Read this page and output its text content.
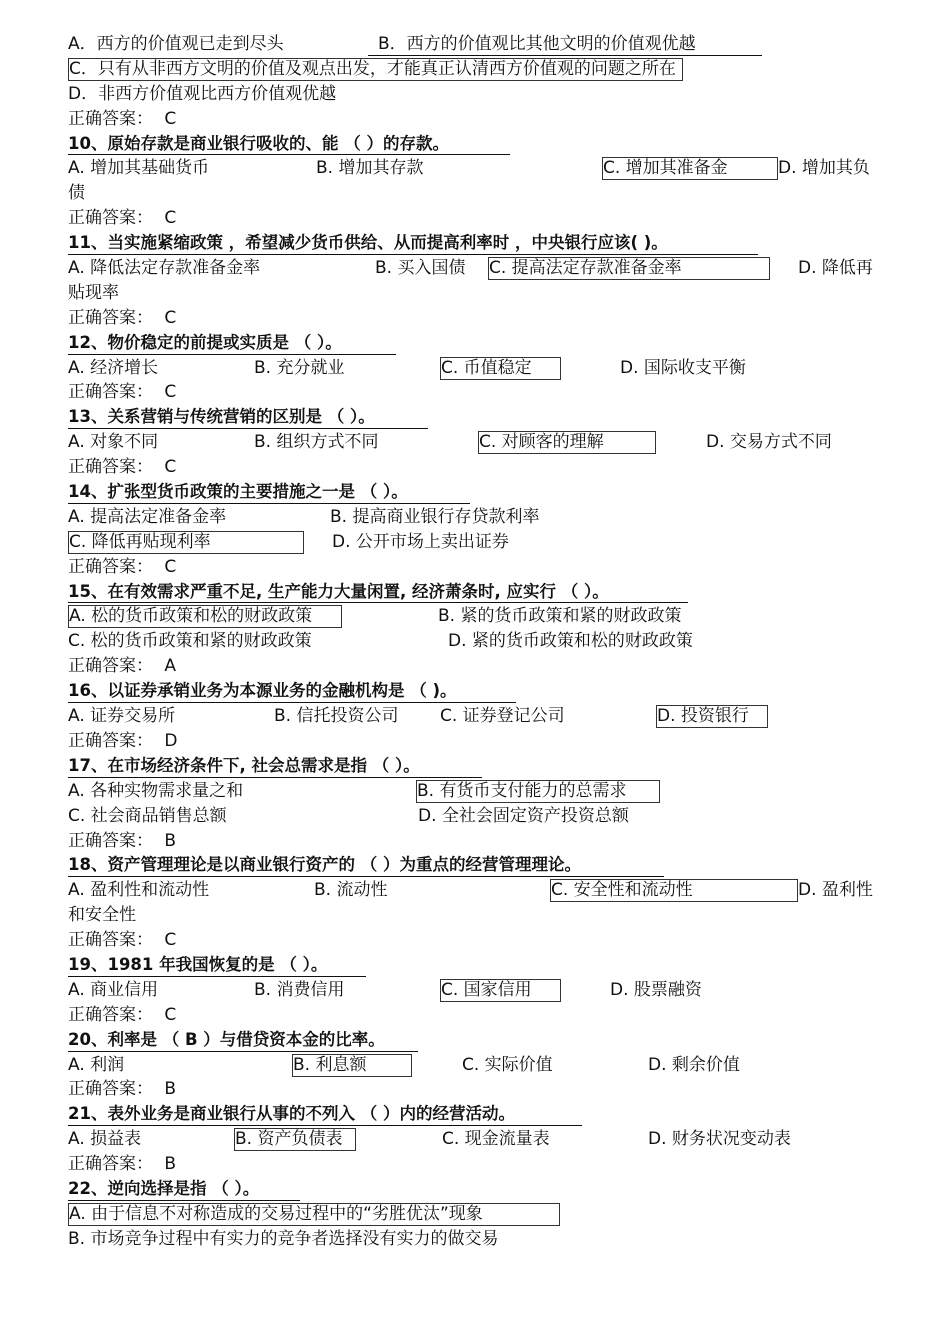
A．西方的价值观已走到尽头	B．西方的价值观比其他文明的价值观优越
C．只有从非西方文明的价值及观点出发，才能真正认清西方价值观的问题之所在
D．非西方价值观比西方价值观优越
正确答案： C
10、原始存款是商业银行吸收的、能 （ ）的存款。
A. 增加其基础货币	B. 增加其存款	C. 增加其准备金	D. 增加其负
债
正确答案： C
11、当实施紧缩政策 ，希望减少货币供给、从而提高利率时 ，中央银行应该( )。
A. 降低法定存款准备金率	B. 买入国债 C. 提高法定存款准备金率	D. 降低再
贴现率
正确答案： C
12、物价稳定的前提或实质是 （ ）。
A. 经济增长	B. 充分就业	C. 币值稳定	D. 国际收支平衡
正确答案： C
13、关系营销与传统营销的区别是 （ ）。
A. 对象不同	B. 组织方式不同	C. 对顾客的理解	D. 交易方式不同
正确答案： C
14、扩张型货币政策的主要措施之一是 （ ）。
A. 提高法定准备金率	B. 提高商业银行存贷款利率
C. 降低再贴现利率	D. 公开市场上卖出证券
正确答案： C
15、在有效需求严重不足, 生产能力大量闲置, 经济萧条时, 应实行 （ ）。
A. 松的货币政策和松的财政政策	B. 紧的货币政策和紧的财政政策
C. 松的货币政策和紧的财政政策	D. 紧的货币政策和松的财政政策
正确答案： A
16、以证券承销业务为本源业务的金融机构是 （ )。
A. 证券交易所	B. 信托投资公司 C. 证券登记公司	D. 投资银行
正确答案： D
17、在市场经济条件下, 社会总需求是指 （ ）。
A. 各种实物需求量之和	B. 有货币支付能力的总需求
C. 社会商品销售总额	D. 全社会固定资产投资总额
正确答案： B
18、资产管理理论是以商业银行资产的 （ ）为重点的经营管理理论。
A. 盈利性和流动性	B. 流动性	C. 安全性和流动性	D. 盈利性
和安全性
正确答案： C
19、1981 年我国恢复的是 （ ）。
A. 商业信用	B. 消费信用	C. 国家信用	D. 股票融资
正确答案： C
20、利率是 （ B ）与借贷资本金的比率。
A. 利润	B. 利息额	C. 实际价值	D. 剩余价值
正确答案： B
21、表外业务是商业银行从事的不列入 （ ）内的经营活动。
A. 损益表	B. 资产负债表	C. 现金流量表	D. 财务状况变动表
正确答案： B
22、逆向选择是指 （ ）。
A. 由于信息不对称造成的交易过程中的“劣胜优汰”现象
B. 市场竞争过程中有实力的竞争者选择没有实力的做交易
